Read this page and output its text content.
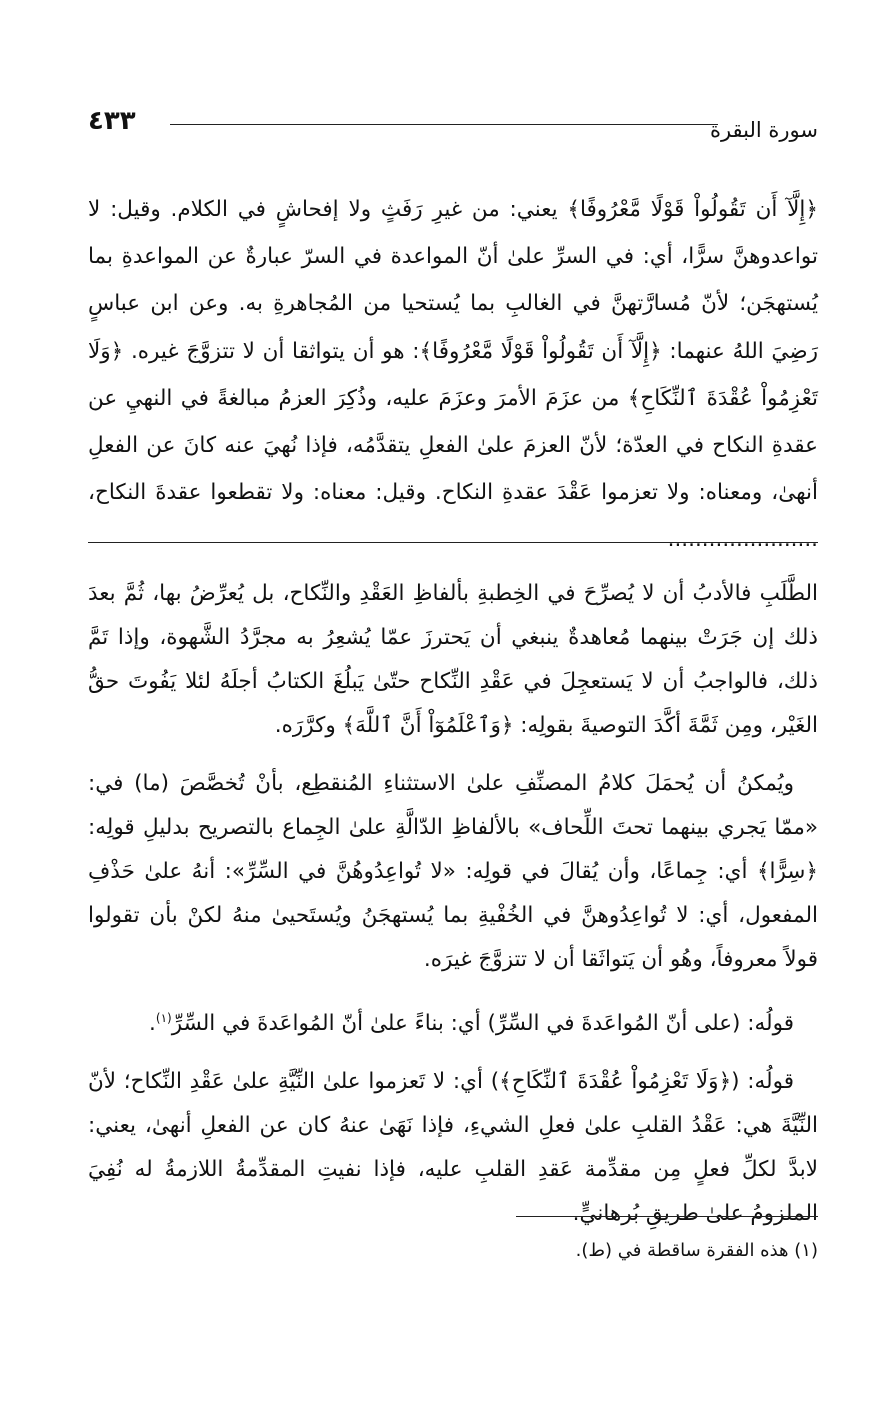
سورة البقرة
٤٣٣

﴿إِلَّآ أَن تَقُولُواْ قَوْلًا مَّعْرُوفًا﴾ يعني: من غيرِ رَفَثٍ ولا إفحاشٍ في الكلام. وقيل: لا تواعدوهنَّ سرًّا، أي: في السرِّ علىٰ أنّ المواعدة في السرّ عبارةٌ عن المواعدةِ بما يُستهجَن؛ لأنّ مُسارَّتهنَّ في الغالبِ بما يُستحيا من المُجاهرةِ به. وعن ابن عباسٍ رَضِيَ اللهُ عنهما: ﴿إِلَّآ أَن تَقُولُواْ قَوْلًا مَّعْرُوفًا﴾: هو أن يتواثقا أن لا تتزوَّجَ غيره. ﴿وَلَا تَعْزِمُواْ عُقْدَةَ ٱلنِّكَاحِ﴾ من عزَمَ الأمرَ وعزَمَ عليه، وذُكِرَ العزمُ مبالغةً في النهيِ عن عقدةِ النكاح في العدّة؛ لأنّ العزمَ علىٰ الفعلِ يتقدَّمُه، فإذا نُهيَ عنه كانَ عن الفعلِ أنهىٰ، ومعناه: ولا تعزموا عَقْدَ عقدةِ النكاح. وقيل: معناه: ولا تقطعوا عقدةَ النكاح، ......................

الطَّلَبِ فالأدبُ أن لا يُصرِّحَ في الخِطبةِ بألفاظِ العَقْدِ والنِّكاح، بل يُعرِّضُ بها، ثُمَّ بعدَ ذلك إن جَرَتْ بينهما مُعاهدةٌ ينبغي أن يَحترزَ عمّا يُشعِرُ به مجرَّدُ الشَّهوة، وإذا تَمَّ ذلك، فالواجبُ أن لا يَستعجِلَ في عَقْدِ النِّكاح حتّىٰ يَبلُغَ الكتابُ أجلَهُ لئلا يَفُوتَ حقُّ الغَيْر، ومِن ثَمَّةَ أكَّدَ التوصيةَ بقولِه: ﴿وَٱعْلَمُوٓاْ أَنَّ ٱللَّهَ﴾ وكرَّرَه.

ويُمكنُ أن يُحمَلَ كلامُ المصنِّفِ علىٰ الاستثناءِ المُنقطِع، بأنْ تُخصَّصَ (ما) في: «ممّا يَجري بينهما تحتَ اللِّحاف» بالألفاظِ الدّالَّةِ علىٰ الجِماع بالتصريح بدليلِ قولِه: ﴿سِرًّا﴾ أي: جِماعًا، وأن يُقالَ في قولِه: «لا تُواعِدُوهُنَّ في السِّرِّ»: أنهُ علىٰ حَذْفِ المفعول، أي: لا تُواعِدُوهنَّ في الخُفْيةِ بما يُستهجَنُ ويُستَحيىٰ منهُ لكنْ بأن تقولوا قولاً معروفاً، وهُو أن يَتواثَقا أن لا تتزوَّجَ غيرَه.

قولُه: (على أنّ المُواعَدةَ في السِّرِّ) أي: بناءً علىٰ أنّ المُواعَدةَ في السِّرِّ$^{(١)}$.

قولُه: (﴿وَلَا تَعْزِمُواْ عُقْدَةَ ٱلنِّكَاحِ﴾) أي: لا تَعزموا علىٰ النِّيَّةِ علىٰ عَقْدِ النِّكاح؛ لأنّ النِّيَّةَ هي: عَقْدُ القلبِ علىٰ فعلِ الشيءِ، فإذا نَهَىٰ عنهُ كان عن الفعلِ أنهىٰ، يعني: لابدَّ لكلِّ فعلٍ مِن مقدِّمة عَقدِ القلبِ عليه، فإذا نفيتِ المقدِّمةُ اللازمةُ له نُفِيَ الملزومُ علىٰ طريقِ بُرهانيٍّ.

(١) هذه الفقرة ساقطة في (ط).
